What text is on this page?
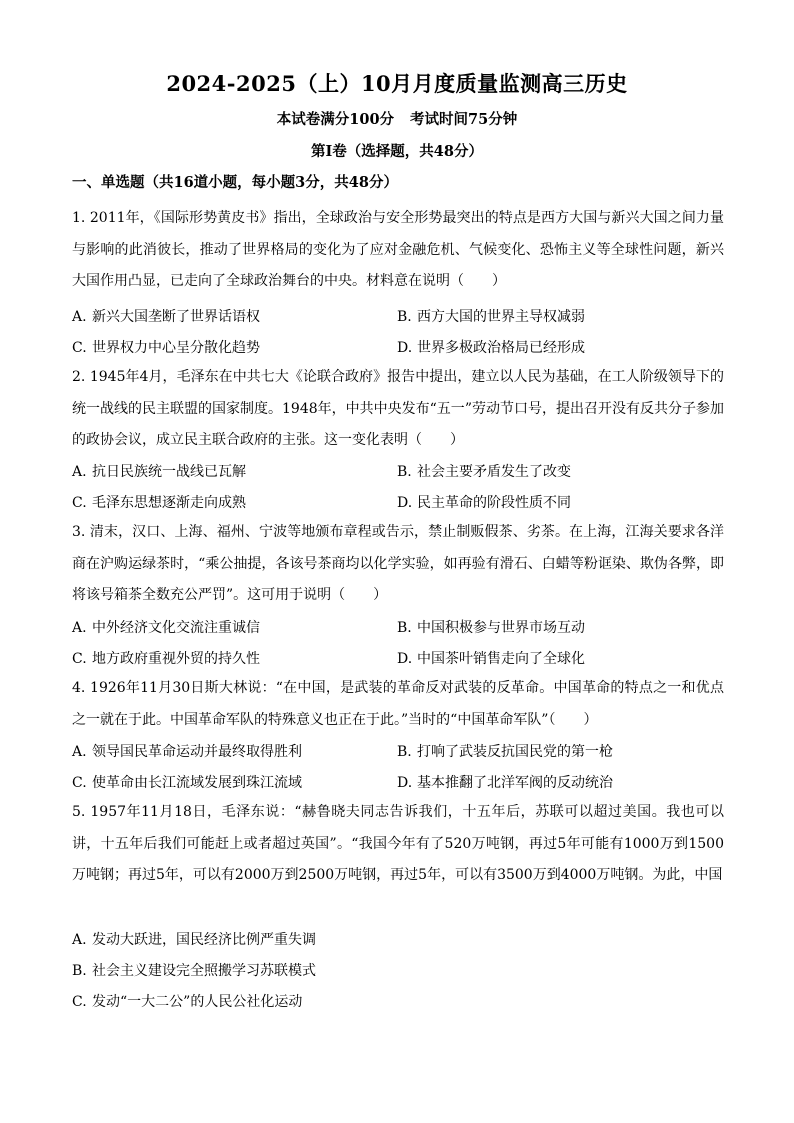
2024-2025（上）10月月度质量监测高三历史
本试卷满分100分 考试时间75分钟
第Ⅰ卷（选择题，共48分）
一、单选题（共16道小题，每小题3分，共48分）
1. 2011年，《国际形势黄皮书》指出，全球政治与安全形势最突出的特点是西方大国与新兴大国之间力量与影响的此消彼长，推动了世界格局的变化为了应对金融危机、气候变化、恐怖主义等全球性问题，新兴大国作用凸显，已走向了全球政治舞台的中央。材料意在说明（　　）
A. 新兴大国垄断了世界话语权	B. 西方大国的世界主导权减弱
C. 世界权力中心呈分散化趋势	D. 世界多极政治格局已经形成
2. 1945年4月，毛泽东在中共七大《论联合政府》报告中提出，建立以人民为基础，在工人阶级领导下的统一战线的民主联盟的国家制度。1948年，中共中央发布“五一”劳动节口号，提出召开没有反共分子参加的政协会议，成立民主联合政府的主张。这一变化表明（　　）
A. 抗日民族统一战线已瓦解	B. 社会主要矛盾发生了改变
C. 毛泽东思想逐渐走向成熟	D. 民主革命的阶段性质不同
3. 清末，汉口、上海、福州、宁波等地颁布章程或告示，禁止制贩假茶、劣茶。在上海，江海关要求各洋商在沪购运绿茶时，“乘公抽提，各该号茶商均以化学实验，如再验有滑石、白蜡等粉诓染、欺伪各弊，即将该号箱茶全数充公严罚”。这可用于说明（　　）
A. 中外经济文化交流注重诚信	B. 中国积极参与世界市场互动
C. 地方政府重视外贸的持久性	D. 中国茶叶销售走向了全球化
4. 1926年11月30日斯大林说：“在中国，是武装的革命反对武装的反革命。中国革命的特点之一和优点之一就在于此。中国革命军队的特殊意义也正在于此。”当时的“中国革命军队”（　　）
A. 领导国民革命运动并最终取得胜利	B. 打响了武装反抗国民党的第一枪
C. 使革命由长江流域发展到珠江流域	D. 基本推翻了北洋军阀的反动统治
5. 1957年11月18日，毛泽东说：“赫鲁晓夫同志告诉我们，十五年后，苏联可以超过美国。我也可以讲，十五年后我们可能赶上或者超过英国”。“我国今年有了520万吨钢，再过5年可能有1000万到1500万吨钢；再过5年，可以有2000万到2500万吨钢，再过5年，可以有3500万到4000万吨钢。为此，中国
A. 发动大跃进，国民经济比例严重失调
B. 社会主义建设完全照搬学习苏联模式
C. 发动“一大二公”的人民公社化运动
